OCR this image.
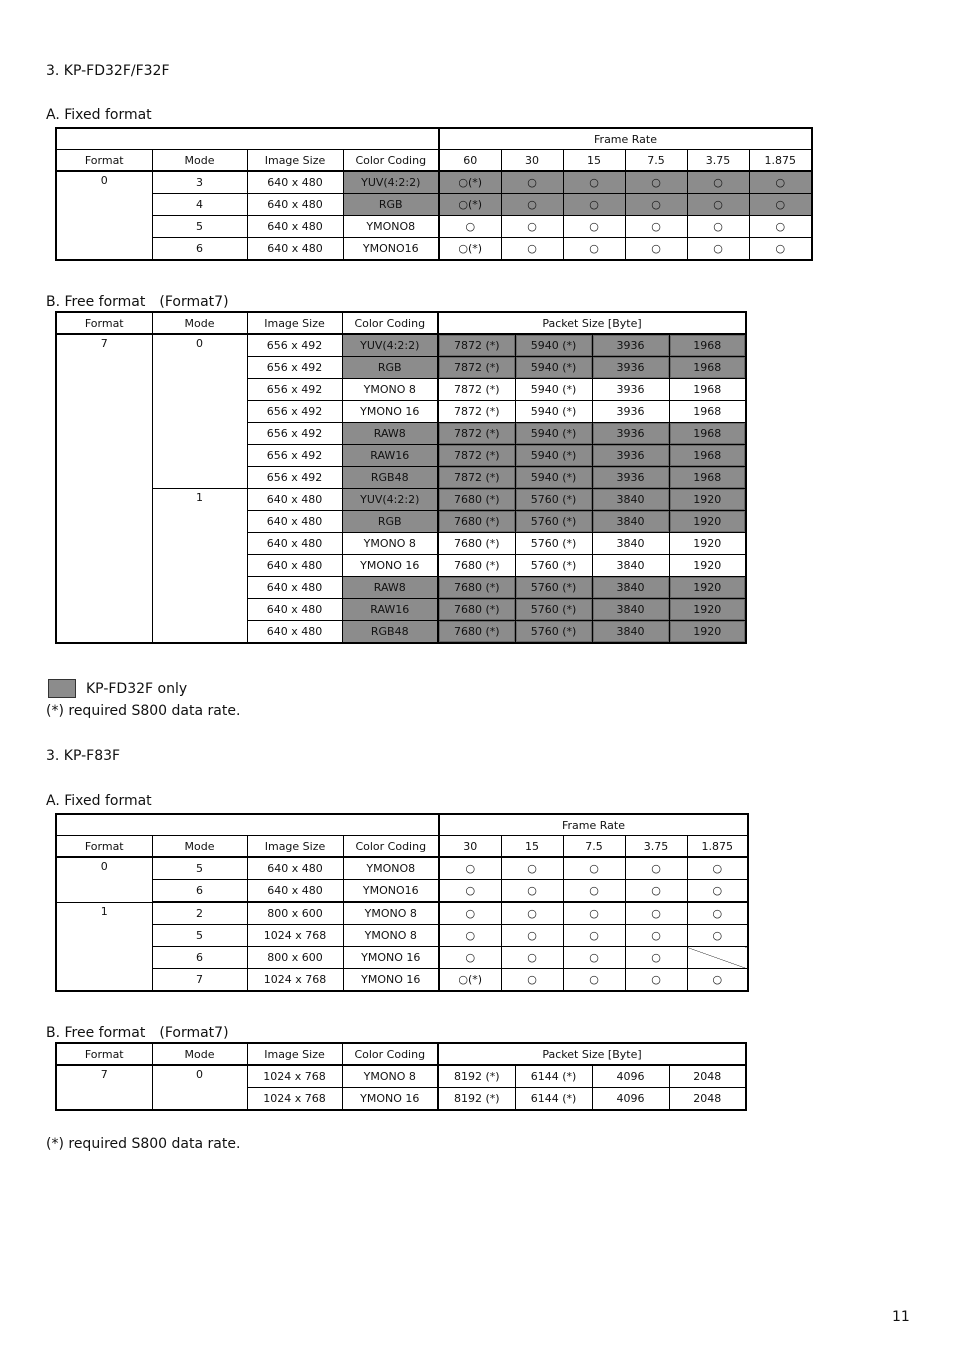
3. KP-FD32F/F32F
A. Fixed format
				Frame Rate					
Format	Mode	Image Size	Color Coding	60	30	15	7.5	3.75	1.875
0	3	640 x 480	YUV(4:2:2)	○(*)	○	○	○	○	○
	4	640 x 480	RGB	○(*)	○	○	○	○	○
	5	640 x 480	YMONO8	○	○	○	○	○	○
	6	640 x 480	YMONO16	○(*)	○	○	○	○	○
B. Free format　(Format7)
Format	Mode	Image Size	Color Coding	Packet Size [Byte]			
7	0	656 x 492	YUV(4:2:2)	7872 (*)	5940 (*)	3936	1968
		656 x 492	RGB	7872 (*)	5940 (*)	3936	1968
		656 x 492	YMONO 8	7872 (*)	5940 (*)	3936	1968
		656 x 492	YMONO 16	7872 (*)	5940 (*)	3936	1968
		656 x 492	RAW8	7872 (*)	5940 (*)	3936	1968
		656 x 492	RAW16	7872 (*)	5940 (*)	3936	1968
		656 x 492	RGB48	7872 (*)	5940 (*)	3936	1968
	1	640 x 480	YUV(4:2:2)	7680 (*)	5760 (*)	3840	1920
		640 x 480	RGB	7680 (*)	5760 (*)	3840	1920
		640 x 480	YMONO 8	7680 (*)	5760 (*)	3840	1920
		640 x 480	YMONO 16	7680 (*)	5760 (*)	3840	1920
		640 x 480	RAW8	7680 (*)	5760 (*)	3840	1920
		640 x 480	RAW16	7680 (*)	5760 (*)	3840	1920
		640 x 480	RGB48	7680 (*)	5760 (*)	3840	1920
KP-FD32F only
(*) required S800 data rate.
3. KP-F83F
A. Fixed format
				Frame Rate				
Format	Mode	Image Size	Color Coding	30	15	7.5	3.75	1.875
0	5	640 x 480	YMONO8	○	○	○	○	○
	6	640 x 480	YMONO16	○	○	○	○	○
1	2	800 x 600	YMONO 8	○	○	○	○	○
	5	1024 x 768	YMONO 8	○	○	○	○	○
	6	800 x 600	YMONO 16	○	○	○	○	
	7	1024 x 768	YMONO 16	○(*)	○	○	○	○
B. Free format　(Format7)
Format	Mode	Image Size	Color Coding	Packet Size [Byte]			
7	0	1024 x 768	YMONO 8	8192 (*)	6144 (*)	4096	2048
		1024 x 768	YMONO 16	8192 (*)	6144 (*)	4096	2048
(*) required S800 data rate.
11
